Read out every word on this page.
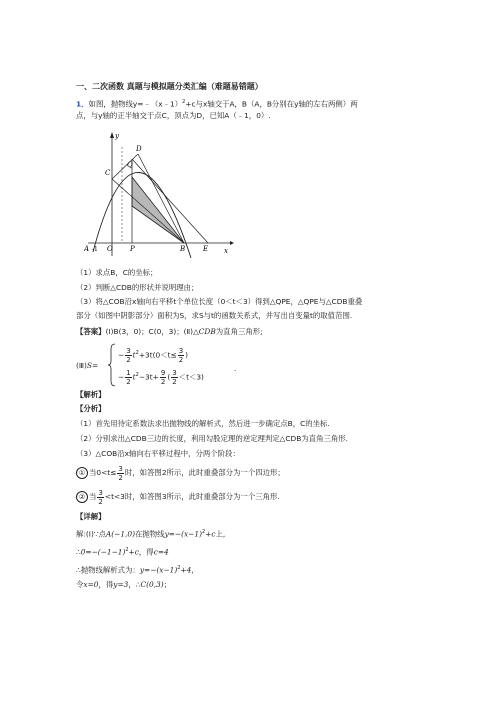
一、二次函数 真题与模拟题分类汇编（难题易错题）
1．如图，抛物线y=﹣（x﹣1）$^2$+c与x轴交于A，B（A，B分别在y轴的左右两侧）两
点，与y轴的正半轴交于点C，顶点为D，已知A（﹣1，0）.
y
x
D
Q
C
A -1 O P	B	E
（1）求点B，C的坐标；
（2）判断△CDB的形状并说明理由；
（3）将△COB沿x轴向右平移t个单位长度（0＜t＜3）得到△QPE，△QPE与△CDB重叠
部分（如图中阴影部分）面积为S，求S与t的函数关系式，并写出自变量t的取值范围.
【答案】(Ⅰ)B(3，0)；C(0，3)；(Ⅱ)△CDB为直角三角形;
(Ⅲ)S=
− $\frac{3}{2} t^2+3t(0<t\le \frac{3}{2}$ )
− $\frac{1}{2} t^2-3t+ \frac{9}{2}$ ( $\frac{3}{2} <t<3$)
.
【解析】
【分析】
（1）首先用待定系数法求出抛物线的解析式，然后进一步确定点B，C的坐标.
（2）分别求出△CDB三边的长度，利用勾股定理的逆定理判定△CDB为直角三角形.
（3）△COB沿x轴向右平移过程中，分两个阶段：
① 当$0<t\le \frac{3}{2}$ 时，如答图2所示，此时重叠部分为一个四边形；
② 当 $\frac{3}{2} <t<3$时，如答图3所示，此时重叠部分为一个三角形.
【详解】
解:(Ⅰ)∵点A(−1,0)在抛物线$y=-(x-1)^2+c$上,
$\therefore 0=-(-1-1)^2+c$，得c=4
∴抛物线解析式为：$y=-(x-1)^2+4$,
令x=0，得y=3，∴C(0,3)；
